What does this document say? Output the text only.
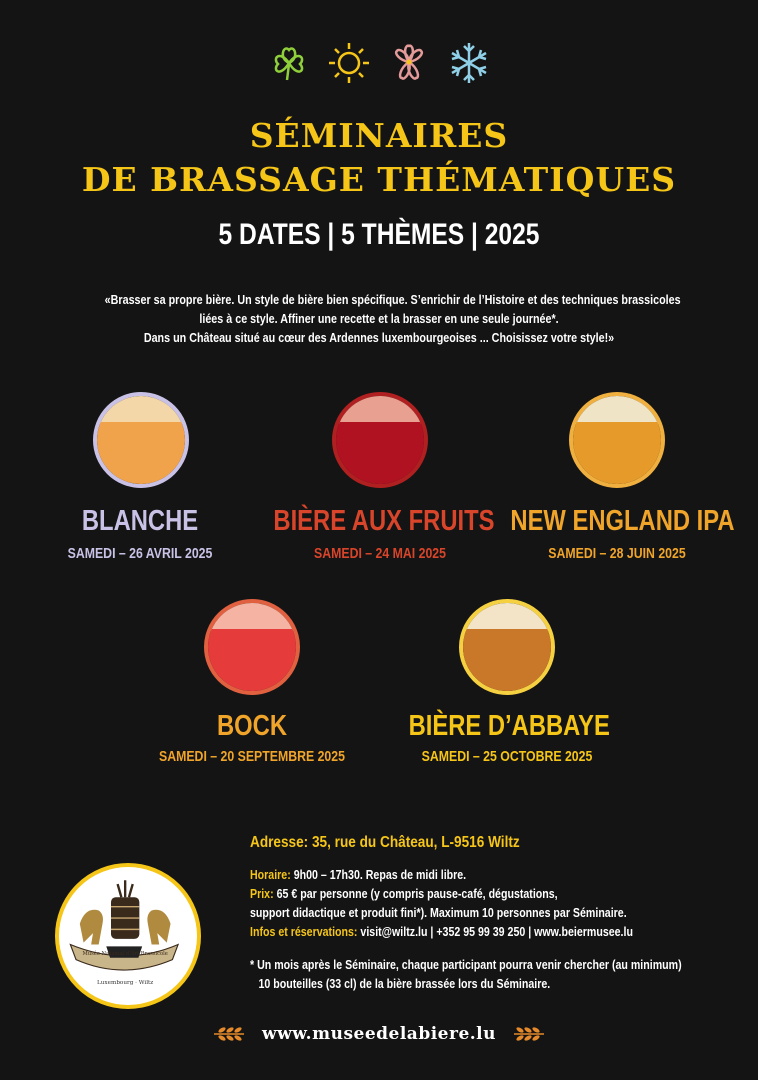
SÉMINAIRES
DE BRASSAGE THÉMATIQUES
5 DATES | 5 THÈMES | 2025
«Brasser sa propre bière. Un style de bière bien spécifique. S’enrichir de l’Histoire et des techniques brassicoles
liées à ce style. Affiner une recette et la brasser en une seule journée*.
Dans un Château situé au cœur des Ardennes luxembourgeoises ... Choisissez votre style!»
BLANCHE
SAMEDI – 26 AVRIL 2025
BIÈRE AUX FRUITS
SAMEDI – 24 MAI 2025
NEW ENGLAND IPA
SAMEDI – 28 JUIN 2025
BOCK
SAMEDI – 20 SEPTEMBRE 2025
BIÈRE D’ABBAYE
SAMEDI – 25 OCTOBRE 2025
Adresse: 35, rue du Château, L-9516 Wiltz
Horaire: 9h00 – 17h30. Repas de midi libre.
Prix: 65 € par personne (y compris pause-café, dégustations,
support didactique et produit fini*). Maximum 10 personnes par Séminaire.
Infos et réservations: visit@wiltz.lu | +352 95 99 39 250 | www.beiermusee.lu
* Un mois après le Séminaire, chaque participant pourra venir chercher (au minimum)
10 bouteilles (33 cl) de la bière brassée lors du Séminaire.
Luxembourg · Wiltz
Musée National d’Art Brassicole
www.museedelabiere.lu
